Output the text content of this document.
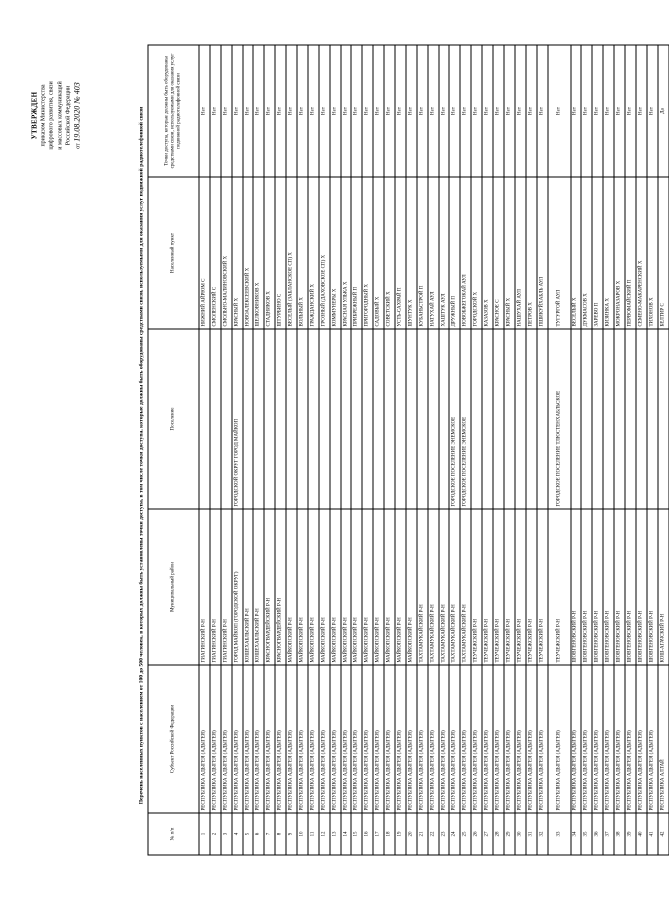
УТВЕРЖДЕН приказом Министерства цифрового развития, связи и массовых коммуникаций Российской Федерации
от 19.08.2020 № 403	Перечень населенных пунктов с населением от 100 до 500 человек, в которых должны быть установлены точки доступа, в том числе точки доступа, которые должны быть оборудованы средствами связи, используемыми для оказания услуг подвижной радиотелефонной связи
№ п/п	Субъект Российской Федерации	Муниципальный район	Поселение	Населенный пункт	Точки доступа, которые должны быть оборудованы средствами связи, используемыми для оказания услуг подвижной радиотелефонной связи
1	РЕСПУБЛИКА АДЫГЕЯ (АДЫГЕЯ)	ГИАГИНСКИЙ Р-Н		НИЖНИЙ АЙРЮМ С	Нет
2	РЕСПУБЛИКА АДЫГЕЯ (АДЫГЕЯ)	ГИАГИНСКИЙ Р-Н		СМОЛЕНСКИЙ С	Нет
3	РЕСПУБЛИКА АДЫГЕЯ (АДЫГЕЯ)	ГИАГИНСКИЙ Р-Н		СМОЛЬНО-МАЛИНОВСКИЙ Х	Нет
4	РЕСПУБЛИКА АДЫГЕЯ (АДЫГЕЯ)	ГОРОД МАЙКОП (ГОРОДСКОЙ ОКРУГ)	ГОРОДСКОЙ ОКРУГ ГОРОД МАЙКОП	КРАСНЫЙ Х	Нет
5	РЕСПУБЛИКА АДЫГЕЯ (АДЫГЕЯ)	КОШЕХАБЛЬСКИЙ Р-Н		НОВОАЛЕКСЕЕВСКИЙ Х	Нет
6	РЕСПУБЛИКА АДЫГЕЯ (АДЫГЕЯ)	КОШЕХАБЛЬСКИЙ Р-Н		ШЕЛКОВНИКОВ Х	Нет
7	РЕСПУБЛИКА АДЫГЕЯ (АДЫГЕЯ)	КРАСНОГВАРДЕЙСКИЙ Р-Н		СТАДНИКОВ Х	Нет
8	РЕСПУБЛИКА АДЫГЕЯ (АДЫГЕЯ)	КРАСНОГВАРДЕЙСКИЙ Р-Н		ШТУРБИНО С	Нет
9	РЕСПУБЛИКА АДЫГЕЯ (АДЫГЕЯ)	МАЙКОПСКИЙ Р-Н		ВЕСЕЛЫЙ (ЗАБЛАНСКОЕ СП) Х	Нет
10	РЕСПУБЛИКА АДЫГЕЯ (АДЫГЕЯ)	МАЙКОПСКИЙ Р-Н		ВОЛЬНЫЙ Х	Нет
11	РЕСПУБЛИКА АДЫГЕЯ (АДЫГЕЯ)	МАЙКОПСКИЙ Р-Н		ГРАЖДАНСКИЙ Х	Нет
12	РЕСПУБЛИКА АДЫГЕЯ (АДЫГЕЯ)	МАЙКОПСКИЙ Р-Н		ГРОЗНЫЙ (ДАХОВСКОЕ СП) Х	Нет
13	РЕСПУБЛИКА АДЫГЕЯ (АДЫГЕЯ)	МАЙКОПСКИЙ Р-Н		КОММУНЕРЫ Х	Нет
14	РЕСПУБЛИКА АДЫГЕЯ (АДЫГЕЯ)	МАЙКОПСКИЙ Р-Н		КРАСНАЯ УЛЬКА Х	Нет
15	РЕСПУБЛИКА АДЫГЕЯ (АДЫГЕЯ)	МАЙКОПСКИЙ Р-Н		ПРИБРЕЖНЫЙ П	Нет
16	РЕСПУБЛИКА АДЫГЕЯ (АДЫГЕЯ)	МАЙКОПСКИЙ Р-Н		ПРИГОРОДНЫЙ Х	Нет
17	РЕСПУБЛИКА АДЫГЕЯ (АДЫГЕЯ)	МАЙКОПСКИЙ Р-Н		САДОВЫЙ Х	Нет
18	РЕСПУБЛИКА АДЫГЕЯ (АДЫГЕЯ)	МАЙКОПСКИЙ Р-Н		СОВЕТСКИЙ Х	Нет
19	РЕСПУБЛИКА АДЫГЕЯ (АДЫГЕЯ)	МАЙКОПСКИЙ Р-Н		УСТЬ-САХРАЙ П	Нет
20	РЕСПУБЛИКА АДЫГЕЯ (АДЫГЕЯ)	МАЙКОПСКИЙ Р-Н		ШУНТУК Х	Нет
21	РЕСПУБЛИКА АДЫГЕЯ (АДЫГЕЯ)	ТАХТАМУКАЙСКИЙ Р-Н		КУБАНЬСТРОЙ П	Нет
22	РЕСПУБЛИКА АДЫГЕЯ (АДЫГЕЯ)	ТАХТАМУКАЙСКИЙ Р-Н		НАТУХАЙ АУЛ	Нет
23	РЕСПУБЛИКА АДЫГЕЯ (АДЫГЕЯ)	ТАХТАМУКАЙСКИЙ Р-Н		ХАШТУК АУЛ	Нет
24	РЕСПУБЛИКА АДЫГЕЯ (АДЫГЕЯ)	ТАХТАМУКАЙСКИЙ Р-Н	ГОРОДСКОЕ ПОСЕЛЕНИЕ ЭНЕМСКОЕ	ДРУЖНЫЙ П	Нет
25	РЕСПУБЛИКА АДЫГЕЯ (АДЫГЕЯ)	ТАХТАМУКАЙСКИЙ Р-Н	ГОРОДСКОЕ ПОСЕЛЕНИЕ ЭНЕМСКОЕ	НОВОБЖЕГОКАЙ АУЛ	Нет
26	РЕСПУБЛИКА АДЫГЕЯ (АДЫГЕЯ)	ТЕУЧЕЖСКИЙ Р-Н		ГОРОДСКОЙ Х	Нет
27	РЕСПУБЛИКА АДЫГЕЯ (АДЫГЕЯ)	ТЕУЧЕЖСКИЙ Р-Н		КАЗАЗОВ Х	Нет
28	РЕСПУБЛИКА АДЫГЕЯ (АДЫГЕЯ)	ТЕУЧЕЖСКИЙ Р-Н		КРАСНОЕ С	Нет
29	РЕСПУБЛИКА АДЫГЕЯ (АДЫГЕЯ)	ТЕУЧЕЖСКИЙ Р-Н		КРАСНЫЙ Х	Нет
30	РЕСПУБЛИКА АДЫГЕЯ (АДЫГЕЯ)	ТЕУЧЕЖСКИЙ Р-Н		НАШУХАЙ АУЛ	Нет
31	РЕСПУБЛИКА АДЫГЕЯ (АДЫГЕЯ)	ТЕУЧЕЖСКИЙ Р-Н		ПЕТРОВ Х	Нет
32	РЕСПУБЛИКА АДЫГЕЯ (АДЫГЕЯ)	ТЕУЧЕЖСКИЙ Р-Н		ПШИКУЙХАБЛЬ АУЛ	Нет
33	РЕСПУБЛИКА АДЫГЕЯ (АДЫГЕЯ)	ТЕУЧЕЖСКИЙ Р-Н	ГОРОДСКОЕ ПОСЕЛЕНИЕ ТЛЮСТЕНХАБЛЬСКОЕ	ТУГУРГОЙ АУЛ	Нет
34	РЕСПУБЛИКА АДЫГЕЯ (АДЫГЕЯ)	ШОВГЕНОВСКИЙ Р-Н		ВЕСЕЛЫЙ Х	Нет
35	РЕСПУБЛИКА АДЫГЕЯ (АДЫГЕЯ)	ШОВГЕНОВСКИЙ Р-Н		ДУКМАСОВ Х	Нет
36	РЕСПУБЛИКА АДЫГЕЯ (АДЫГЕЯ)	ШОВГЕНОВСКИЙ Р-Н		ЗАРЕВО П	Нет
37	РЕСПУБЛИКА АДЫГЕЯ (АДЫГЕЯ)	ШОВГЕНОВСКИЙ Р-Н		КИЗИНКА Х	Нет
38	РЕСПУБЛИКА АДЫГЕЯ (АДЫГЕЯ)	ШОВГЕНОВСКИЙ Р-Н		МОКРОНАЗАРОВ Х	Нет
39	РЕСПУБЛИКА АДЫГЕЯ (АДЫГЕЯ)	ШОВГЕНОВСКИЙ Р-Н		ПЕРВОМАЙСКИЙ П	Нет
40	РЕСПУБЛИКА АДЫГЕЯ (АДЫГЕЯ)	ШОВГЕНОВСКИЙ Р-Н		СЕМЕНО-МАКАРЕНСКИЙ Х	Нет
41	РЕСПУБЛИКА АДЫГЕЯ (АДЫГЕЯ)	ШОВГЕНОВСКИЙ Р-Н		ТИХОНОВ Х	Нет
42	РЕСПУБЛИКА АЛТАЙ	КОШ-АГАЧСКИЙ Р-Н		БЕЛТИР С	Да
